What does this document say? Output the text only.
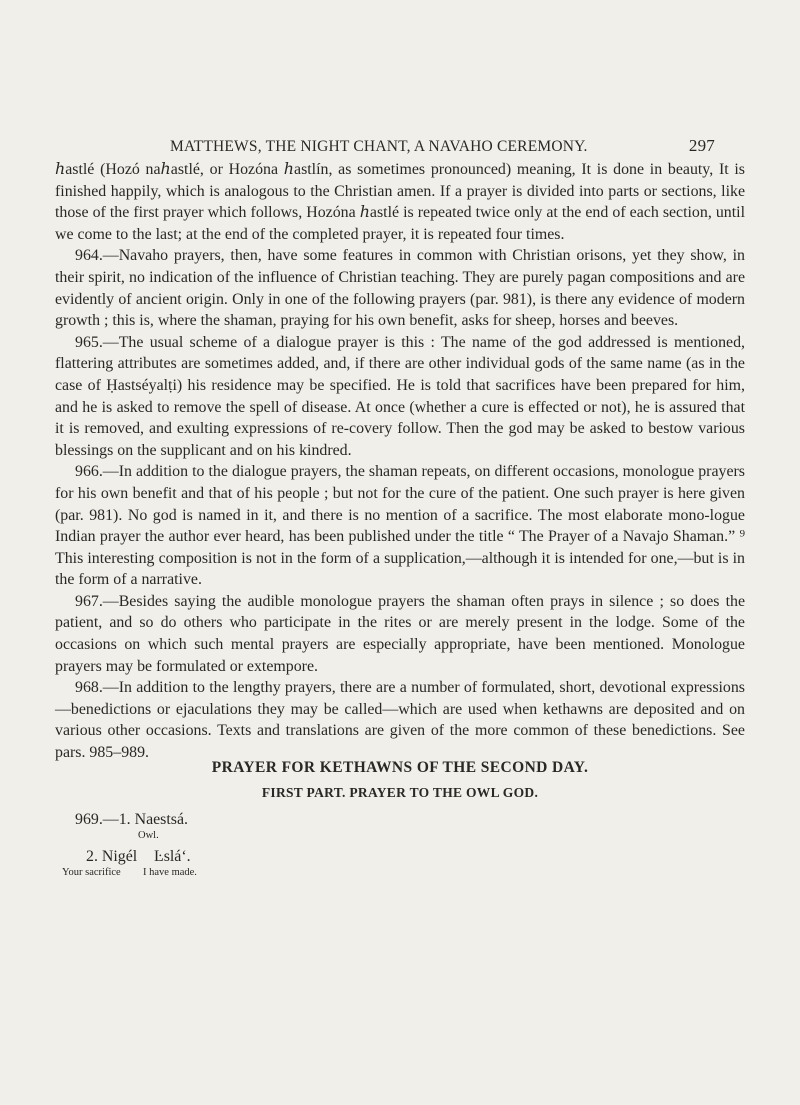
MATTHEWS, THE NIGHT CHANT, A NAVAHO CEREMONY.	297

ℎastlé (Hozó naℎastlé, or Hozóna ℎastlín, as sometimes pronounced) meaning, It is done in beauty, It is finished happily, which is analogous to the Christian amen. If a prayer is divided into parts or sections, like those of the first prayer which follows, Hozóna ℎastlé is repeated twice only at the end of each section, until we come to the last; at the end of the completed prayer, it is repeated four times.

964.—Navaho prayers, then, have some features in common with Christian orisons, yet they show, in their spirit, no indication of the influence of Christian teaching. They are purely pagan compositions and are evidently of ancient origin. Only in one of the following prayers (par. 981), is there any evidence of modern growth ; this is, where the shaman, praying for his own benefit, asks for sheep, horses and beeves.

965.—The usual scheme of a dialogue prayer is this : The name of the god addressed is mentioned, flattering attributes are sometimes added, and, if there are other individual gods of the same name (as in the case of Ḥastséyalṭi) his residence may be specified. He is told that sacrifices have been prepared for him, and he is asked to remove the spell of disease. At once (whether a cure is effected or not), he is assured that it is removed, and exulting expressions of re-covery follow. Then the god may be asked to bestow various blessings on the supplicant and on his kindred.

966.—In addition to the dialogue prayers, the shaman repeats, on different occasions, monologue prayers for his own benefit and that of his people ; but not for the cure of the patient. One such prayer is here given (par. 981). No god is named in it, and there is no mention of a sacrifice. The most elaborate mono-logue Indian prayer the author ever heard, has been published under the title “ The Prayer of a Navajo Shaman.” ⁹ This interesting composition is not in the form of a supplication,—although it is intended for one,—but is in the form of a narrative.

967.—Besides saying the audible monologue prayers the shaman often prays in silence ; so does the patient, and so do others who participate in the rites or are merely present in the lodge. Some of the occasions on which such mental prayers are especially appropriate, have been mentioned. Monologue prayers may be formulated or extempore.

968.—In addition to the lengthy prayers, there are a number of formulated, short, devotional expressions—benedictions or ejaculations they may be called—which are used when kethawns are deposited and on various other occasions. Texts and translations are given of the more common of these benedictions. See pars. 985–989.

PRAYER FOR KETHAWNS OF THE SECOND DAY.
FIRST PART. PRAYER TO THE OWL GOD.
969.—1. Naestsá.
Owl.
2. Nigél Ŀslá‘.
Your sacrifice I have made.
